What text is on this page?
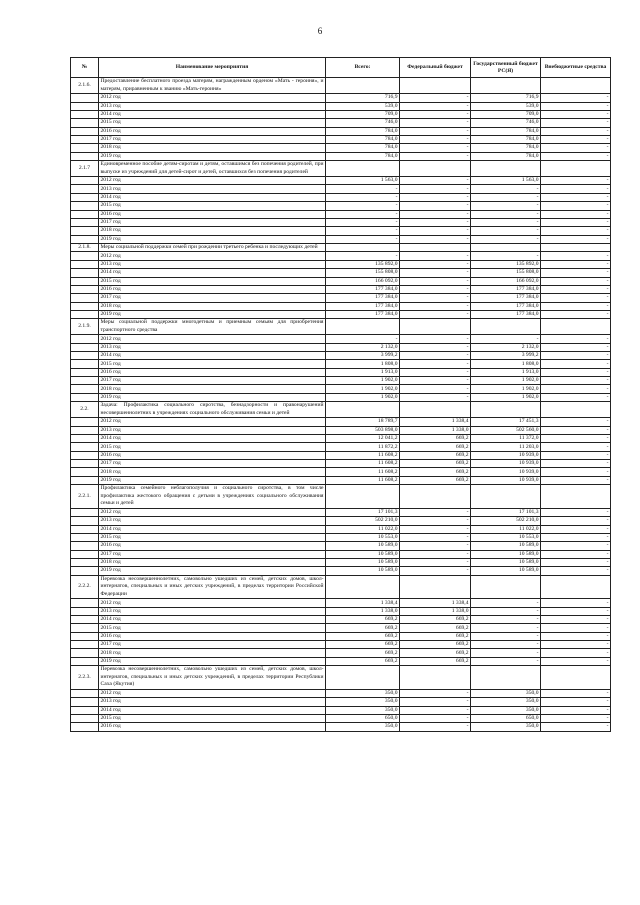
6
№	Наименование мероприятия	Всего:	Федеральный бюджет	Государственный бюджет РС(Я)	Внебюджетные средства
2.1.6.	Предоставление бесплатного проезда матерям, награжденным орденом «Мать - героиня», и матерям, приравненным к званию «Мать-героиня»				
	2012 год	716,9	-	716,9	-
	2013 год	539,0	-	539,0	-
	2014 год	709,0	-	709,0	-
	2015 год	746,0	-	746,0	-
	2016 год	784,0	-	784,0	-
	2017 год	784,0	-	784,0	-
	2018 год	784,0	-	784,0	-
	2019 год	784,0	-	784,0	-
2.1.7	Единовременное пособие детям-сиротам и детям, оставшимся без попечения родителей, при выпуске из учреждений для детей-сирот и детей, оставшихся без попечения родителей				
	2012 год	1 563,0	-	1 563,0	-
	2013 год	-	-	-	-
	2014 год	-	-	-	-
	2015 год	-	-	-	-
	2016 год	-	-	-	-
	2017 год	-	-	-	-
	2018 год	-	-	-	-
	2019 год	-	-	-	-
2.1.8.	Меры социальной поддержки семей при рождении третьего ребенка и последующих детей				
	2012 год	-	-	-	-
	2013 год	135 892,0	-	135 892,0	-
	2014 год	155 808,0	-	155 808,0	-
	2015 год	166 092,0	-	166 092,0	-
	2016 год	177 384,0	-	177 384,0	-
	2017 год	177 384,0	-	177 384,0	-
	2018 год	177 384,0	-	177 384,0	-
	2019 год	177 384,0	-	177 384,0	-
2.1.9.	Меры социальной поддержки многодетным и приемным семьям для приобретения транспортного средства				
	2012 год	-	-	-	-
	2013 год	2 132,0	-	2 132,0	-
	2014 год	3 999,2	-	3 999,2	-
	2015 год	1 808,0	-	1 808,0	-
	2016 год	1 913,0	-	1 913,0	-
	2017 год	1 902,0	-	1 902,0	-
	2018 год	1 902,0	-	1 902,0	-
	2019 год	1 902,0	-	1 902,0	-
2.2.	Задача: Профилактика социального сиротства, безнадзорности и правонарушений несовершеннолетних в учреждениях социального обслуживания семьи и детей				
	2012 год	18 789,7	1 338,4	17 451,3	-
	2013 год	503 898,0	1 338,0	502 560,0	-
	2014 год	12 041,2	669,2	11 372,0	-
	2015 год	11 872,2	669,2	11 203,0	-
	2016 год	11 608,2	669,2	10 939,0	-
	2017 год	11 608,2	669,2	10 939,0	-
	2018 год	11 608,2	669,2	10 939,0	-
	2019 год	11 608,2	669,2	10 939,0	-
2.2.1.	Профилактика семейного неблагополучия и социального сиротства, в том числе профилактика жестокого обращения с детьми в учреждениях социального обслуживания семьи и детей				
	2012 год	17 101,3	-	17 101,3	-
	2013 год	502 210,0	-	502 210,0	-
	2014 год	11 022,0	-	11 022,0	-
	2015 год	10 553,0	-	10 553,0	-
	2016 год	10 589,0	-	10 589,0	-
	2017 год	10 589,0	-	10 589,0	-
	2018 год	10 589,0	-	10 589,0	-
	2019 год	10 589,0	-	10 589,0	-
2.2.2.	Перевозка несовершеннолетних, самовольно ушедших из семей, детских домов, школ-интернатов, специальных и иных детских учреждений, в пределах территории Российской Федерации				
	2012 год	1 338,4	1 338,4	-	-
	2013 год	1 338,0	1 338,0	-	-
	2014 год	669,2	669,2	-	-
	2015 год	669,2	669,2	-	-
	2016 год	669,2	669,2	-	-
	2017 год	669,2	669,2	-	-
	2018 год	669,2	669,2	-	-
	2019 год	669,2	669,2	-	-
2.2.3.	Перевозка несовершеннолетних, самовольно ушедших из семей, детских домов, школ-интернатов, специальных и иных детских учреждений, в пределах территории Республики Саха (Якутия)				
	2012 год	350,0	-	350,0	-
	2013 год	350,0	-	350,0	-
	2014 год	350,0	-	350,0	-
	2015 год	650,0	-	650,0	-
	2016 год	350,0	-	350,0	-
